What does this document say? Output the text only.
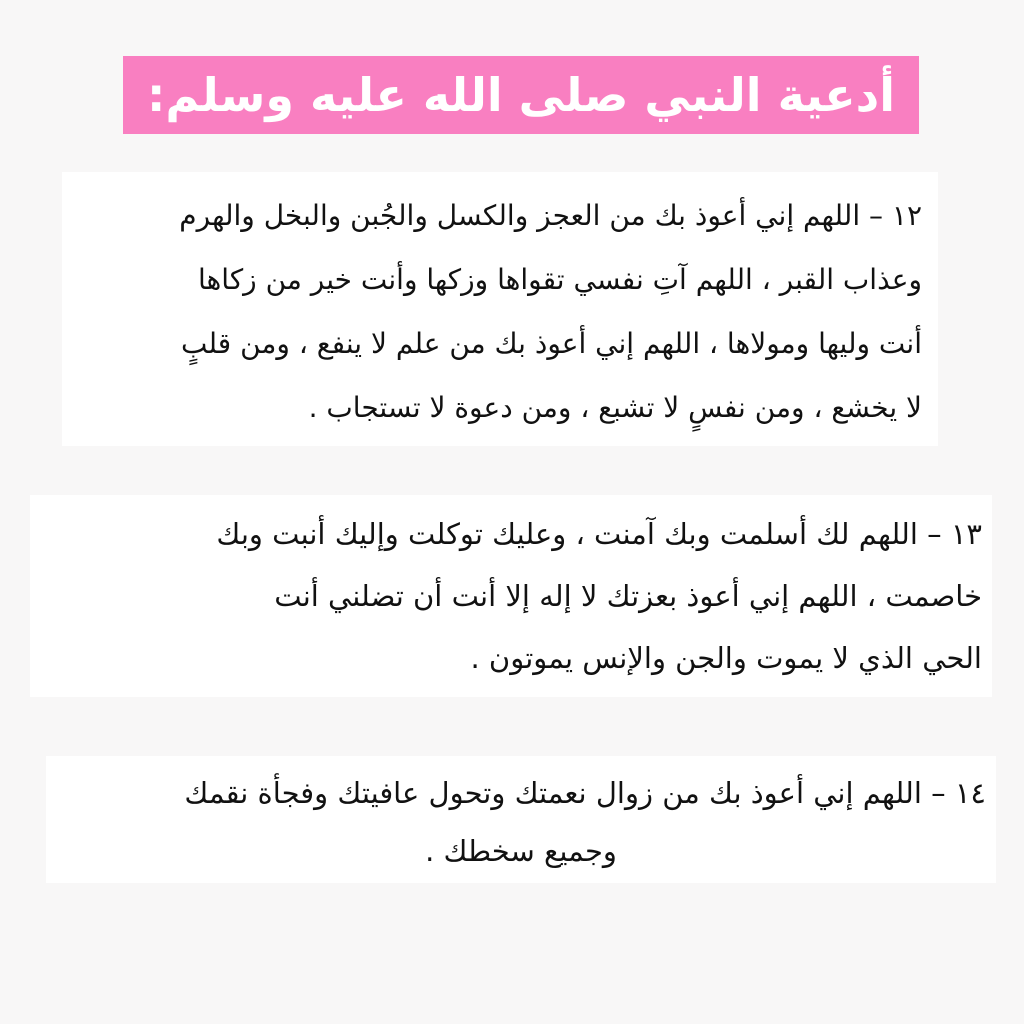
أدعية النبي صلى الله عليه وسلم:
١٢ – اللهم إني أعوذ بك من العجز والكسل والجُبن والبخل والهرم
وعذاب القبر ، اللهم آتِ نفسي تقواها وزكها وأنت خير من زكاها
أنت وليها ومولاها ، اللهم إني أعوذ بك من علم لا ينفع ، ومن قلبٍ
لا يخشع ، ومن نفسٍ لا تشبع ، ومن دعوة لا تستجاب .
١٣ – اللهم لك أسلمت وبك آمنت ، وعليك توكلت وإليك أنبت وبك
خاصمت ، اللهم إني أعوذ بعزتك لا إله إلا أنت أن تضلني أنت
الحي الذي لا يموت والجن والإنس يموتون .
١٤ – اللهم إني أعوذ بك من زوال نعمتك وتحول عافيتك وفجأة نقمك
وجميع سخطك .
